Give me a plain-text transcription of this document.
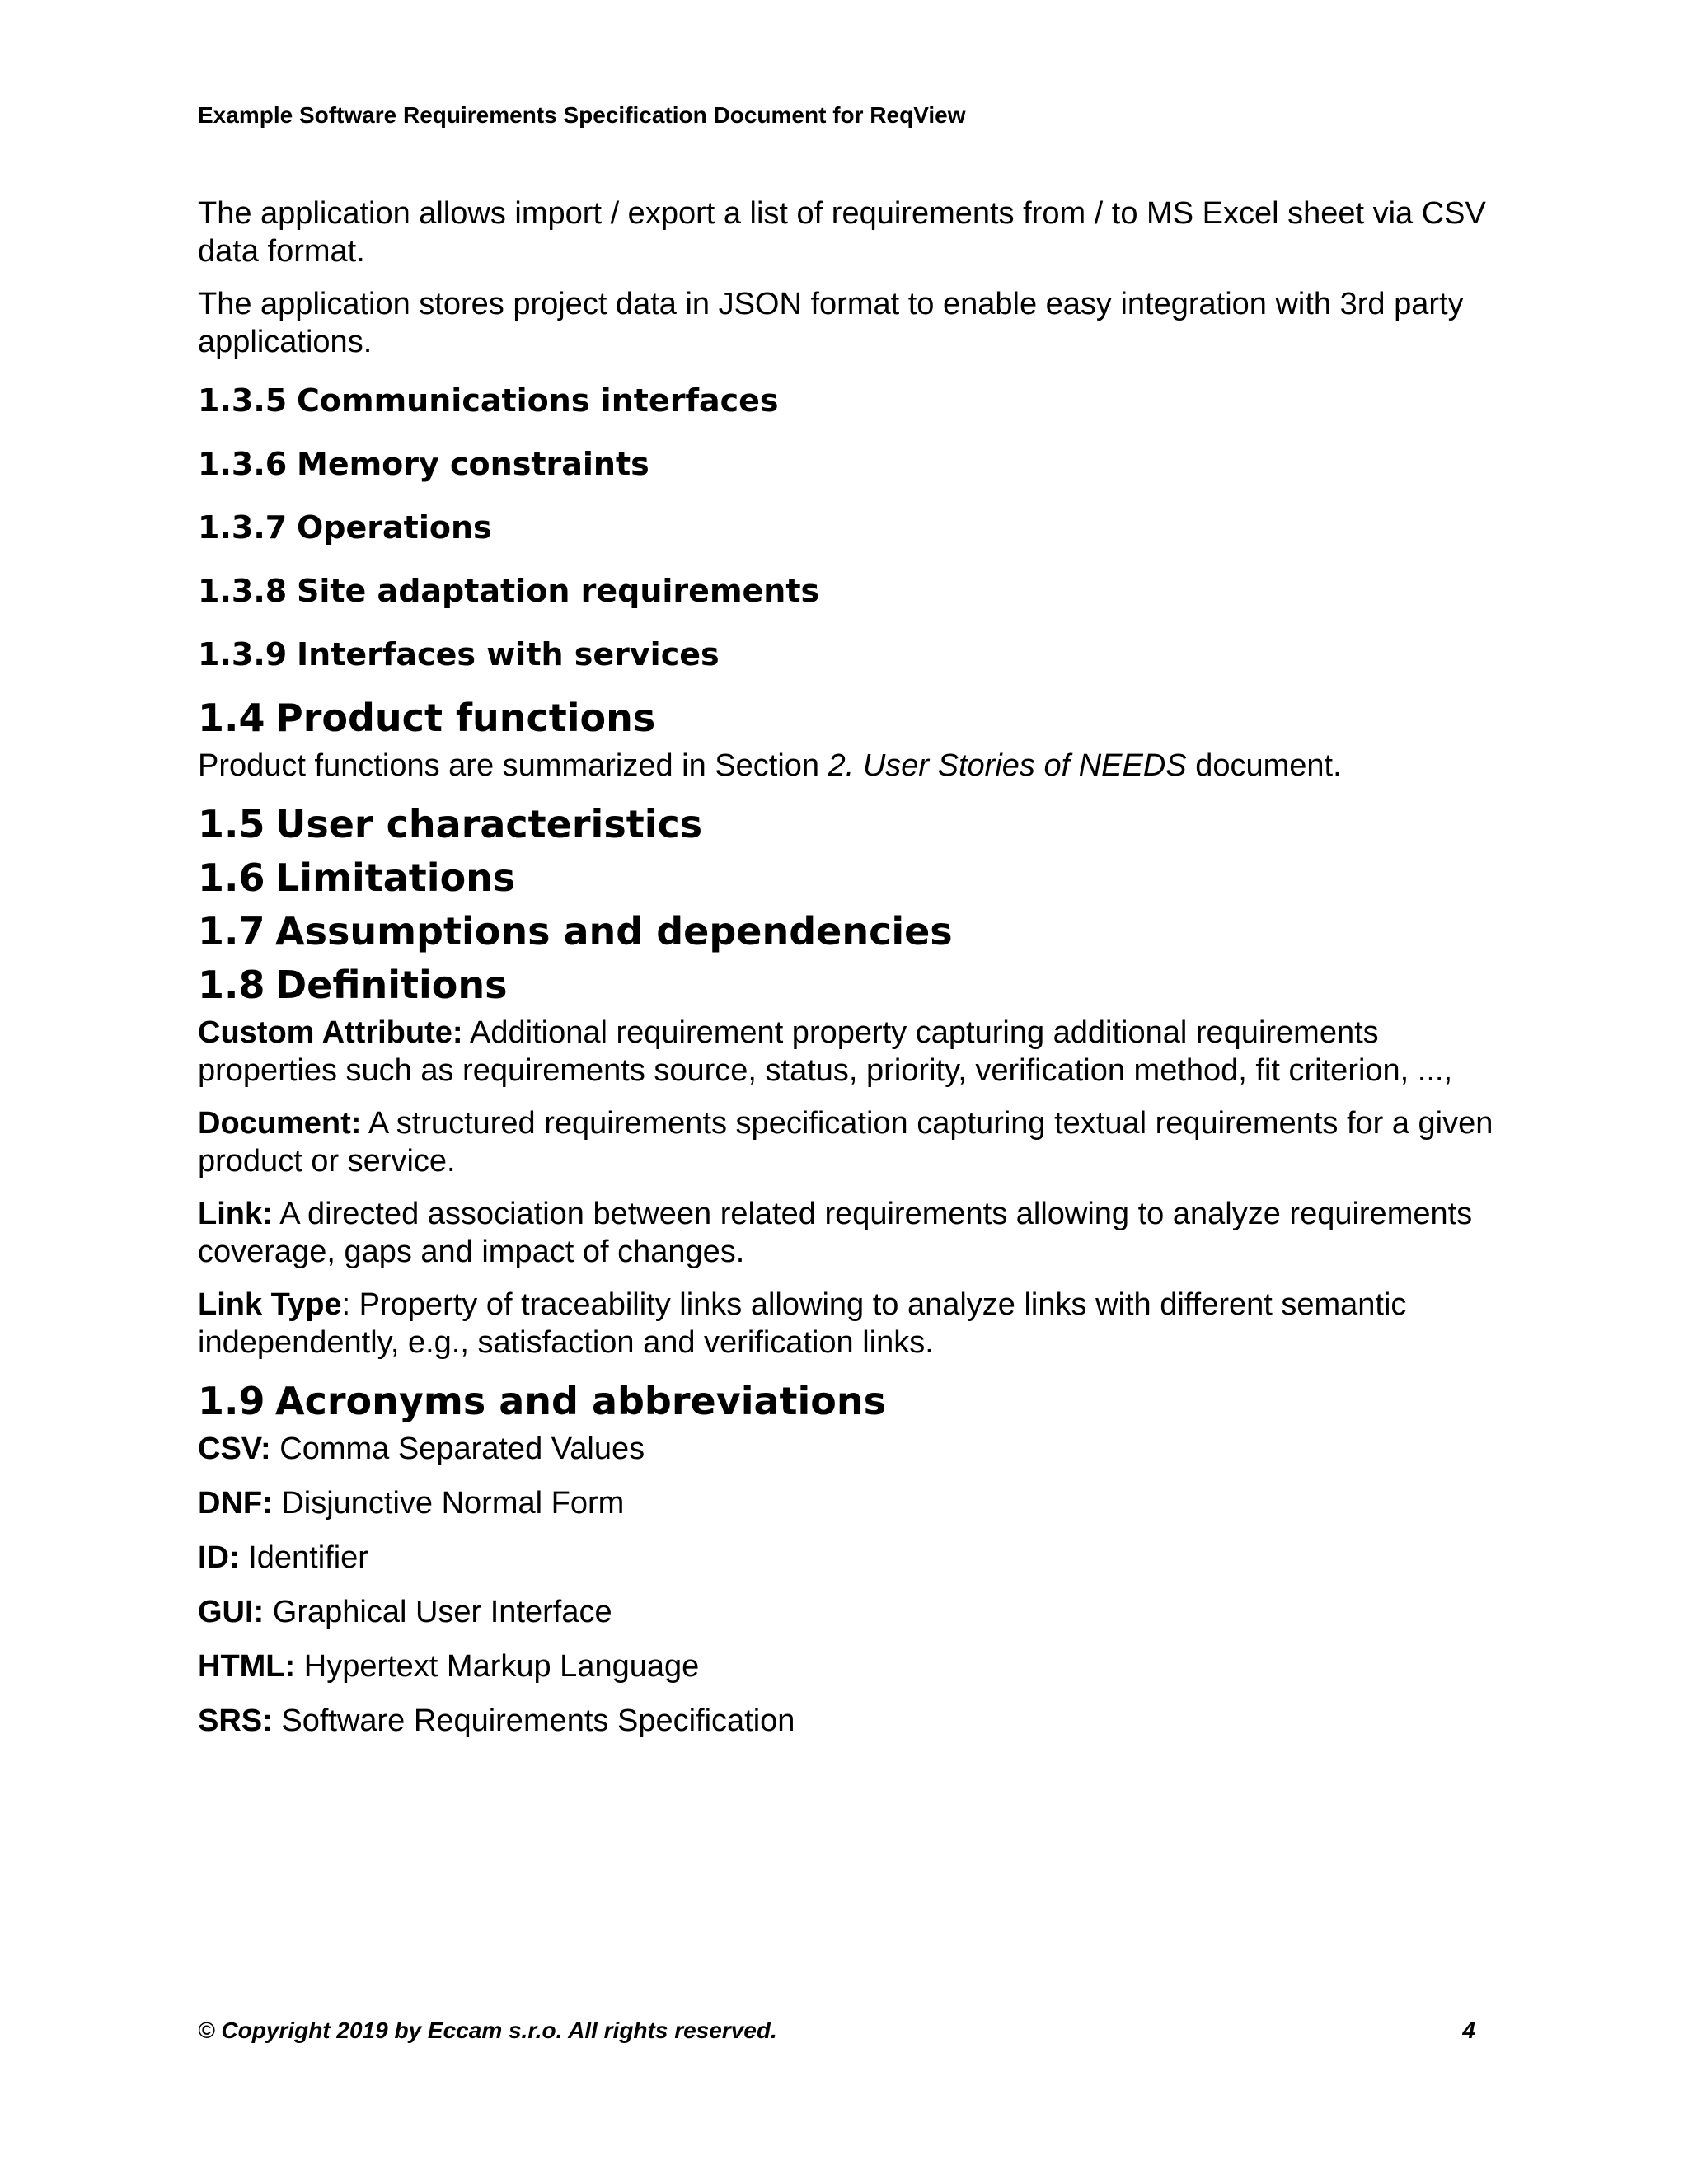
Example Software Requirements Specification Document for ReqView

The application allows import / export a list of requirements from / to MS Excel sheet via CSV data format.

The application stores project data in JSON format to enable easy integration with 3rd party applications.

1.3.5 Communications interfaces
1.3.6 Memory constraints
1.3.7 Operations
1.3.8 Site adaptation requirements
1.3.9 Interfaces with services
1.4 Product functions

Product functions are summarized in Section 2. User Stories of NEEDS document.

1.5 User characteristics
1.6 Limitations
1.7 Assumptions and dependencies
1.8 Definitions

Custom Attribute: Additional requirement property capturing additional requirements properties such as requirements source, status, priority, verification method, fit criterion, ...,

Document: A structured requirements specification capturing textual requirements for a given product or service.

Link: A directed association between related requirements allowing to analyze requirements coverage, gaps and impact of changes.

Link Type: Property of traceability links allowing to analyze links with different semantic independently, e.g., satisfaction and verification links.

1.9 Acronyms and abbreviations

CSV: Comma Separated Values

DNF: Disjunctive Normal Form

ID: Identifier

GUI: Graphical User Interface

HTML: Hypertext Markup Language

SRS: Software Requirements Specification

© Copyright 2019 by Eccam s.r.o. All rights reserved.	4
